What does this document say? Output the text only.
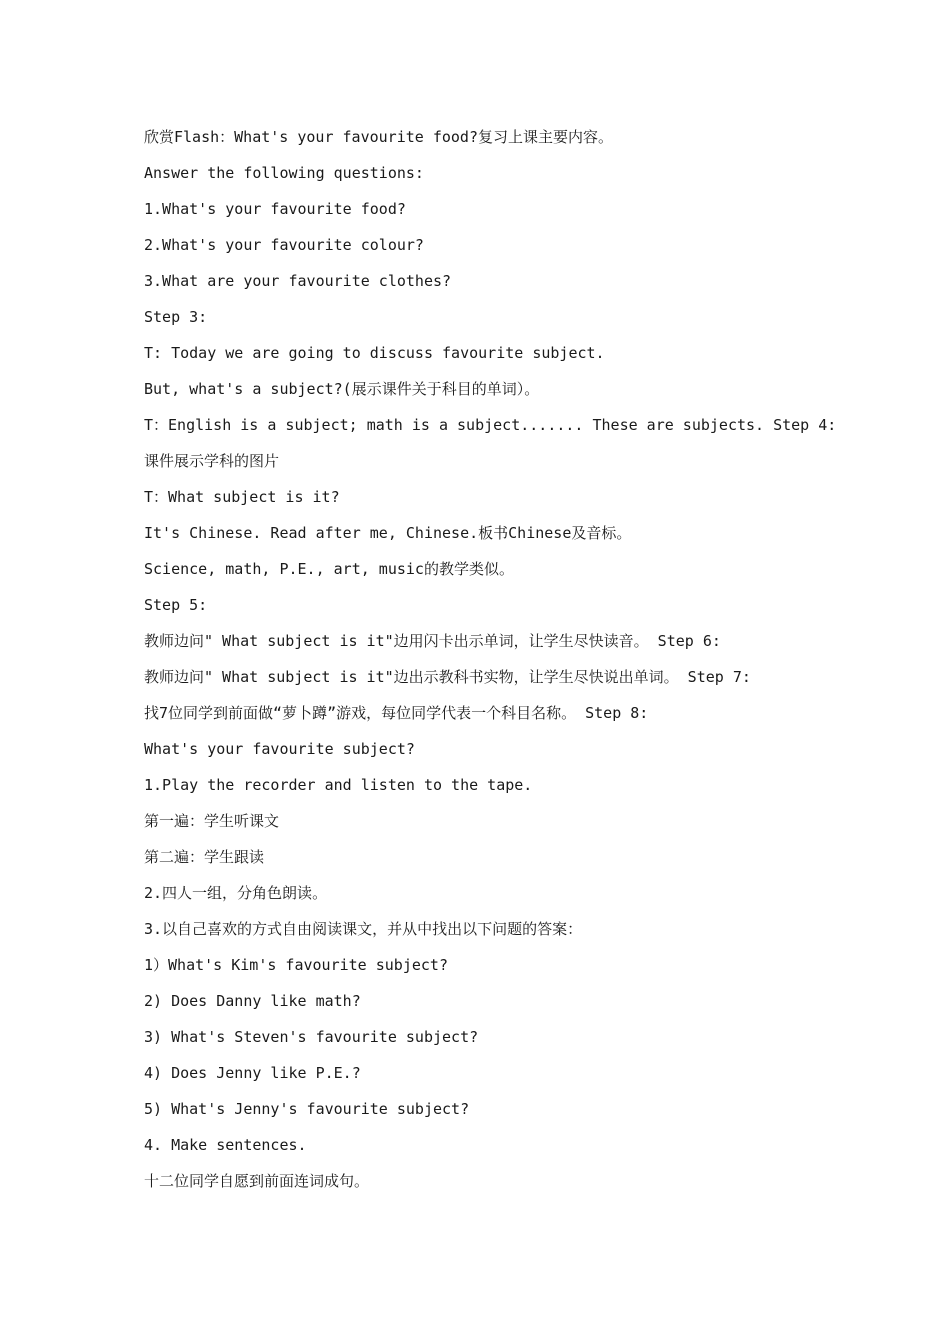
欣赏Flash：What's your favourite food?复习上课主要内容。
Answer the following questions:
1.What's your favourite food?
2.What's your favourite colour?
3.What are your favourite clothes?
Step 3:
T: Today we are going to discuss favourite subject.
But, what's a subject?(展示课件关于科目的单词）。
T：English is a subject; math is a subject....... These are subjects. Step 4:
课件展示学科的图片
T：What subject is it?
It's Chinese. Read after me, Chinese.板书Chinese及音标。
Science, math, P.E., art, music的教学类似。
Step 5:
教师边问" What subject is it"边用闪卡出示单词，让学生尽快读音。 Step 6:
教师边问" What subject is it"边出示教科书实物，让学生尽快说出单词。 Step 7:
找7位同学到前面做“萝卜蹲”游戏，每位同学代表一个科目名称。 Step 8:
What's your favourite subject?
1.Play the recorder and listen to the tape.
第一遍：学生听课文
第二遍：学生跟读
2.四人一组，分角色朗读。
3.以自己喜欢的方式自由阅读课文，并从中找出以下问题的答案：
1）What's Kim's favourite subject?
2) Does Danny like math?
3) What's Steven's favourite subject?
4) Does Jenny like P.E.?
5) What's Jenny's favourite subject?
4. Make sentences.
十二位同学自愿到前面连词成句。
